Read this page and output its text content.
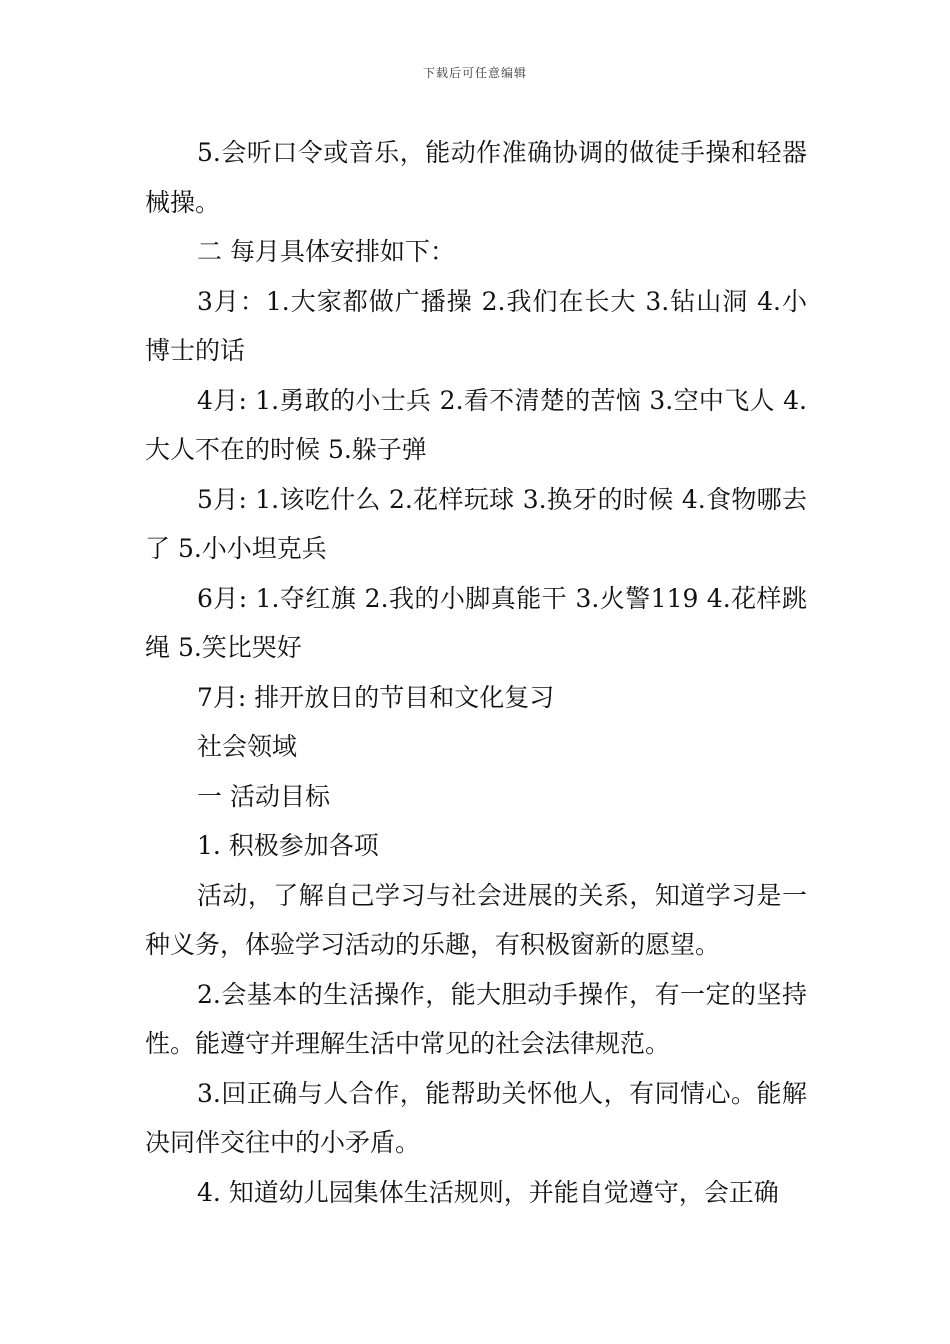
下载后可任意编辑

5.会听口令或音乐，能动作准确协调的做徒手操和轻器械操。

二 每月具体安排如下：

3月：1.大家都做广播操 2.我们在长大 3.钻山洞 4.小博士的话

4月: 1.勇敢的小士兵 2.看不清楚的苦恼 3.空中飞人 4.大人不在的时候 5.躲子弹

5月: 1.该吃什么 2.花样玩球 3.换牙的时候 4.食物哪去了 5.小小坦克兵

6月: 1.夺红旗 2.我的小脚真能干 3.火警119 4.花样跳绳 5.笑比哭好

7月: 排开放日的节目和文化复习

社会领域

一 活动目标

1. 积极参加各项

活动，了解自己学习与社会进展的关系，知道学习是一种义务，体验学习活动的乐趣，有积极窗新的愿望。

2.会基本的生活操作，能大胆动手操作，有一定的坚持性。能遵守并理解生活中常见的社会法律规范。

3.回正确与人合作，能帮助关怀他人，有同情心。能解决同伴交往中的小矛盾。

4. 知道幼儿园集体生活规则，并能自觉遵守，会正确
